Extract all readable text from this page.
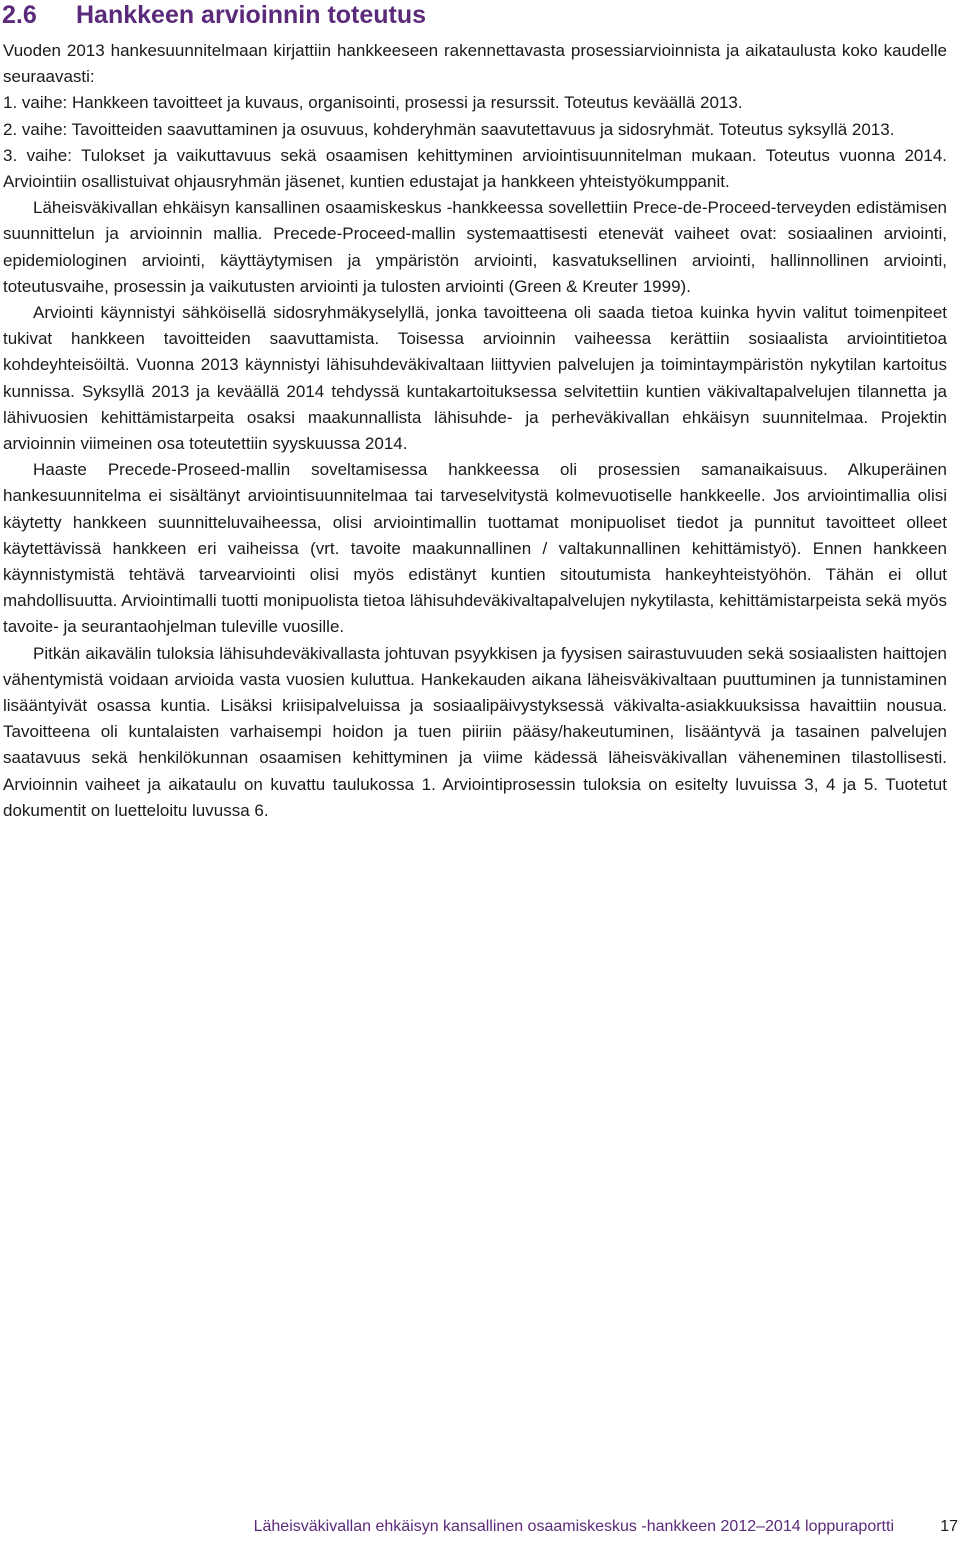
2.6 Hankkeen arvioinnin toteutus

Vuoden 2013 hankesuunnitelmaan kirjattiin hankkeeseen rakennettavasta prosessiarvioinnista ja aikataulusta koko kaudelle seuraavasti:

1. vaihe: Hankkeen tavoitteet ja kuvaus, organisointi, prosessi ja resurssit. Toteutus keväällä 2013.

2. vaihe: Tavoitteiden saavuttaminen ja osuvuus, kohderyhmän saavutettavuus ja sidosryhmät. Toteutus syksyllä 2013.

3. vaihe: Tulokset ja vaikuttavuus sekä osaamisen kehittyminen arviointisuunnitelman mukaan. Toteutus vuonna 2014. Arviointiin osallistuivat ohjausryhmän jäsenet, kuntien edustajat ja hankkeen yhteistyökumppanit.

Läheisväkivallan ehkäisyn kansallinen osaamiskeskus -hankkeessa sovellettiin Prece-de-Proceed-terveyden edistämisen suunnittelun ja arvioinnin mallia. Precede-Proceed-mallin systemaattisesti etenevät vaiheet ovat: sosiaalinen arviointi, epidemiologinen arviointi, käyttäytymisen ja ympäristön arviointi, kasvatuksellinen arviointi, hallinnollinen arviointi, toteutusvaihe, prosessin ja vaikutusten arviointi ja tulosten arviointi (Green & Kreuter 1999).

Arviointi käynnistyi sähköisellä sidosryhmäkyselyllä, jonka tavoitteena oli saada tietoa kuinka hyvin valitut toimenpiteet tukivat hankkeen tavoitteiden saavuttamista. Toisessa arvioinnin vaiheessa kerättiin sosiaalista arviointitietoa kohdeyhteisöiltä. Vuonna 2013 käynnistyi lähisuhdeväkivaltaan liittyvien palvelujen ja toimintaympäristön nykytilan kartoitus kunnissa. Syksyllä 2013 ja keväällä 2014 tehdyssä kuntakartoituksessa selvitettiin kuntien väkivaltapalvelujen tilannetta ja lähivuosien kehittämistarpeita osaksi maakunnallista lähisuhde- ja perheväkivallan ehkäisyn suunnitelmaa. Projektin arvioinnin viimeinen osa toteutettiin syyskuussa 2014.

Haaste Precede-Proseed-mallin soveltamisessa hankkeessa oli prosessien samanaikaisuus. Alkuperäinen hankesuunnitelma ei sisältänyt arviointisuunnitelmaa tai tarveselvitystä kolmevuotiselle hankkeelle. Jos arviointimallia olisi käytetty hankkeen suunnitteluvaiheessa, olisi arviointimallin tuottamat monipuoliset tiedot ja punnitut tavoitteet olleet käytettävissä hankkeen eri vaiheissa (vrt. tavoite maakunnallinen / valtakunnallinen kehittämistyö). Ennen hankkeen käynnistymistä tehtävä tarvearviointi olisi myös edistänyt kuntien sitoutumista hankeyhteistyöhön. Tähän ei ollut mahdollisuutta. Arviointimalli tuotti monipuolista tietoa lähisuhdeväkivaltapalvelujen nykytilasta, kehittämistarpeista sekä myös tavoite- ja seurantaohjelman tuleville vuosille.

Pitkän aikavälin tuloksia lähisuhdeväkivallasta johtuvan psyykkisen ja fyysisen sairastuvuuden sekä sosiaalisten haittojen vähentymistä voidaan arvioida vasta vuosien kuluttua. Hankekauden aikana läheisväkivaltaan puuttuminen ja tunnistaminen lisääntyivät osassa kuntia. Lisäksi kriisipalveluissa ja sosiaalipäivystyksessä väkivalta-asiakkuuksissa havaittiin nousua. Tavoitteena oli kuntalaisten varhaisempi hoidon ja tuen piiriin pääsy/hakeutuminen, lisääntyvä ja tasainen palvelujen saatavuus sekä henkilökunnan osaamisen kehittyminen ja viime kädessä läheisväkivallan väheneminen tilastollisesti. Arvioinnin vaiheet ja aikataulu on kuvattu taulukossa 1. Arviointiprosessin tuloksia on esitelty luvuissa 3, 4 ja 5. Tuotetut dokumentit on luetteloitu luvussa 6.

Läheisväkivallan ehkäisyn kansallinen osaamiskeskus -hankkeen 2012–2014 loppuraportti	17
